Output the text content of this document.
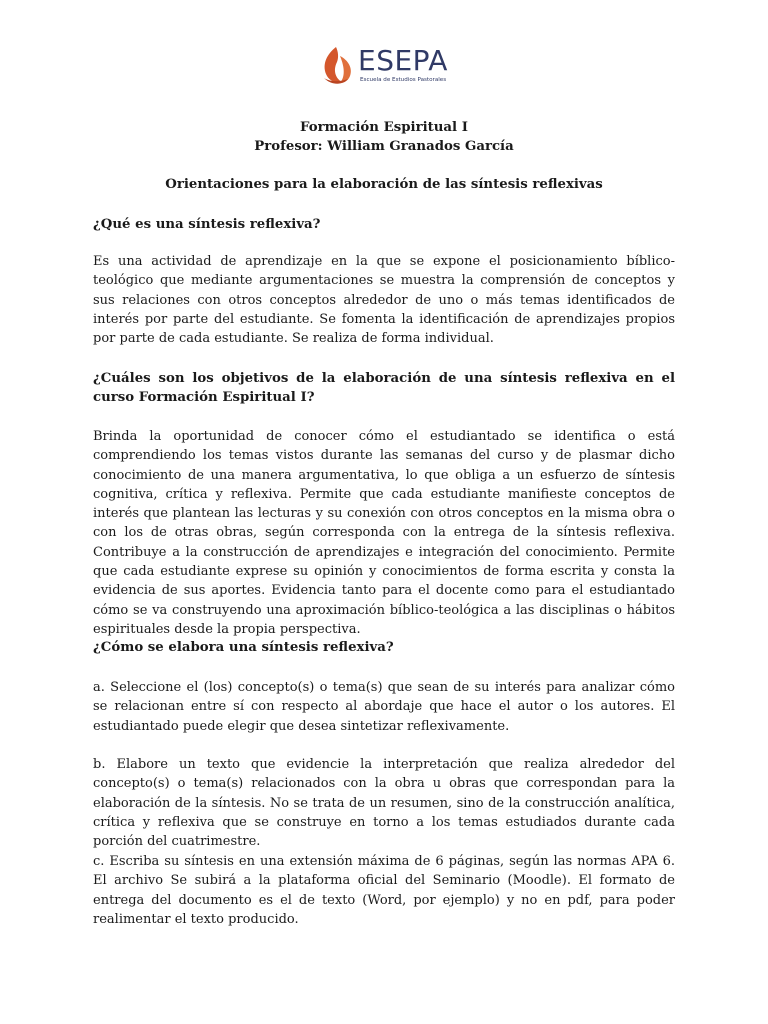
ESEPA
Escuela de Estudios Pastorales

Formación Espiritual I

Profesor: William Granados García

Orientaciones para la elaboración de las síntesis reflexivas

¿Qué es una síntesis reflexiva?

Es una actividad de aprendizaje en la que se expone el posicionamiento bíblico-teológico que mediante argumentaciones se muestra la comprensión de conceptos y sus relaciones con otros conceptos alrededor de uno o más temas identificados de interés por parte del estudiante. Se fomenta la identificación de aprendizajes propios por parte de cada estudiante. Se realiza de forma individual.

¿Cuáles son los objetivos de la elaboración de una síntesis reflexiva en el curso Formación Espiritual I?

Brinda la oportunidad de conocer cómo el estudiantado se identifica o está comprendiendo los temas vistos durante las semanas del curso y de plasmar dicho conocimiento de una manera argumentativa, lo que obliga a un esfuerzo de síntesis cognitiva, crítica y reflexiva. Permite que cada estudiante manifieste conceptos de interés que plantean las lecturas y su conexión con otros conceptos en la misma obra o con los de otras obras, según corresponda con la entrega de la síntesis reflexiva. Contribuye a la construcción de aprendizajes e integración del conocimiento. Permite que cada estudiante exprese su opinión y conocimientos de forma escrita y consta la evidencia de sus aportes. Evidencia tanto para el docente como para el estudiantado cómo se va construyendo una aproximación bíblico-teológica a las disciplinas o hábitos espirituales desde la propia perspectiva.

¿Cómo se elabora una síntesis reflexiva?

a. Seleccione el (los) concepto(s) o tema(s) que sean de su interés para analizar cómo se relacionan entre sí con respecto al abordaje que hace el autor o los autores. El estudiantado puede elegir que desea sintetizar reflexivamente.

b. Elabore un texto que evidencie la interpretación que realiza alrededor del concepto(s) o tema(s) relacionados con la obra u obras que correspondan para la elaboración de la síntesis. No se trata de un resumen, sino de la construcción analítica, crítica y reflexiva que se construye en torno a los temas estudiados durante cada porción del cuatrimestre.

c. Escriba su síntesis en una extensión máxima de 6 páginas, según las normas APA 6. El archivo Se subirá a la plataforma oficial del Seminario (Moodle). El formato de entrega del documento es el de texto (Word, por ejemplo) y no en pdf, para poder realimentar el texto producido.
